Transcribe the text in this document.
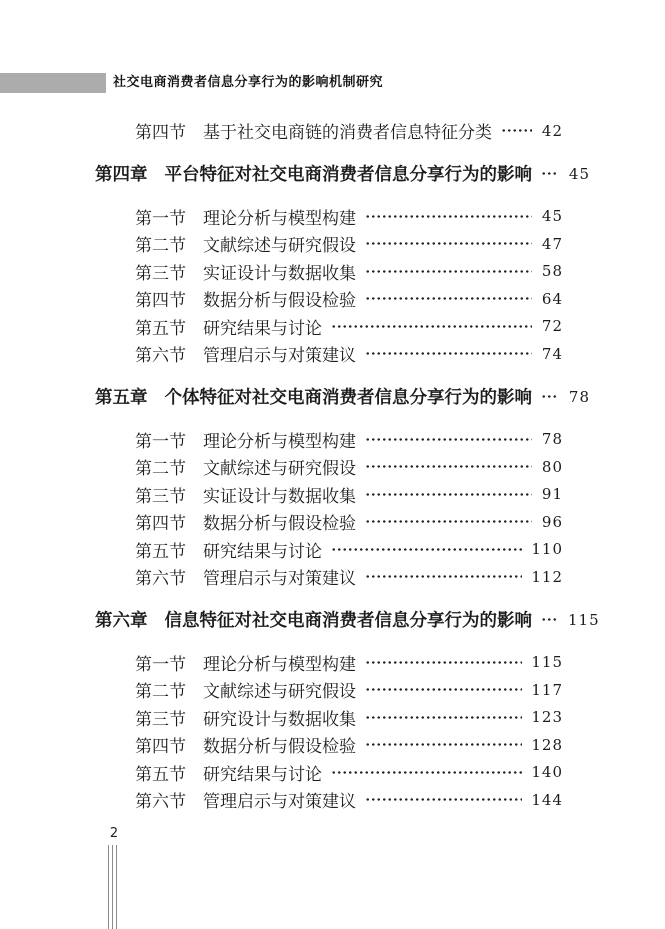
社交电商消费者信息分享行为的影响机制研究
第四节 基于社交电商链的消费者信息特征分类	42
第四章 平台特征对社交电商消费者信息分享行为的影响 45
第一节 理论分析与模型构建	45
第二节 文献综述与研究假设	47
第三节 实证设计与数据收集	58
第四节 数据分析与假设检验	64
第五节 研究结果与讨论	72
第六节 管理启示与对策建议	74
第五章 个体特征对社交电商消费者信息分享行为的影响 78
第一节 理论分析与模型构建	78
第二节 文献综述与研究假设	80
第三节 实证设计与数据收集	91
第四节 数据分析与假设检验	96
第五节 研究结果与讨论	110
第六节 管理启示与对策建议	112
第六章 信息特征对社交电商消费者信息分享行为的影响 115
第一节 理论分析与模型构建	115
第二节 文献综述与研究假设	117
第三节 研究设计与数据收集	123
第四节 数据分析与假设检验	128
第五节 研究结果与讨论	140
第六节 管理启示与对策建议	144
2
